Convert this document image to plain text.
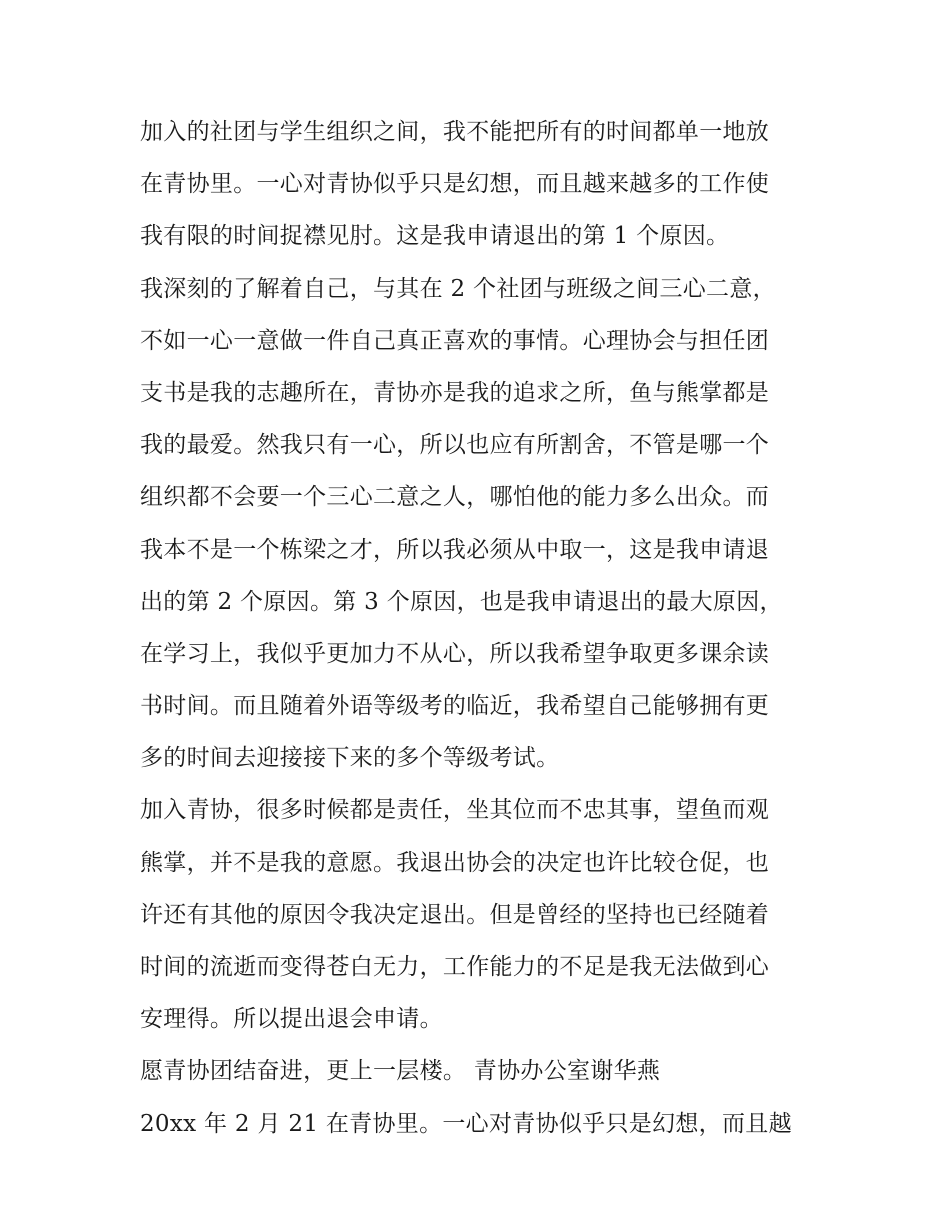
加入的社团与学生组织之间，我不能把所有的时间都单一地放
在青协里。一心对青协似乎只是幻想，而且越来越多的工作使
我有限的时间捉襟见肘。这是我申请退出的第 1 个原因。
我深刻的了解着自己，与其在 2 个社团与班级之间三心二意，
不如一心一意做一件自己真正喜欢的事情。心理协会与担任团
支书是我的志趣所在，青协亦是我的追求之所，鱼与熊掌都是
我的最爱。然我只有一心，所以也应有所割舍，不管是哪一个
组织都不会要一个三心二意之人，哪怕他的能力多么出众。而
我本不是一个栋梁之才，所以我必须从中取一，这是我申请退
出的第 2 个原因。第 3 个原因，也是我申请退出的最大原因，
在学习上，我似乎更加力不从心，所以我希望争取更多课余读
书时间。而且随着外语等级考的临近，我希望自己能够拥有更
多的时间去迎接接下来的多个等级考试。
加入青协，很多时候都是责任，坐其位而不忠其事，望鱼而观
熊掌，并不是我的意愿。我退出协会的决定也许比较仓促，也
许还有其他的原因令我决定退出。但是曾经的坚持也已经随着
时间的流逝而变得苍白无力，工作能力的不足是我无法做到心
安理得。所以提出退会申请。
愿青协团结奋进，更上一层楼。 青协办公室谢华燕
20xx 年 2 月 21 在青协里。一心对青协似乎只是幻想，而且越
